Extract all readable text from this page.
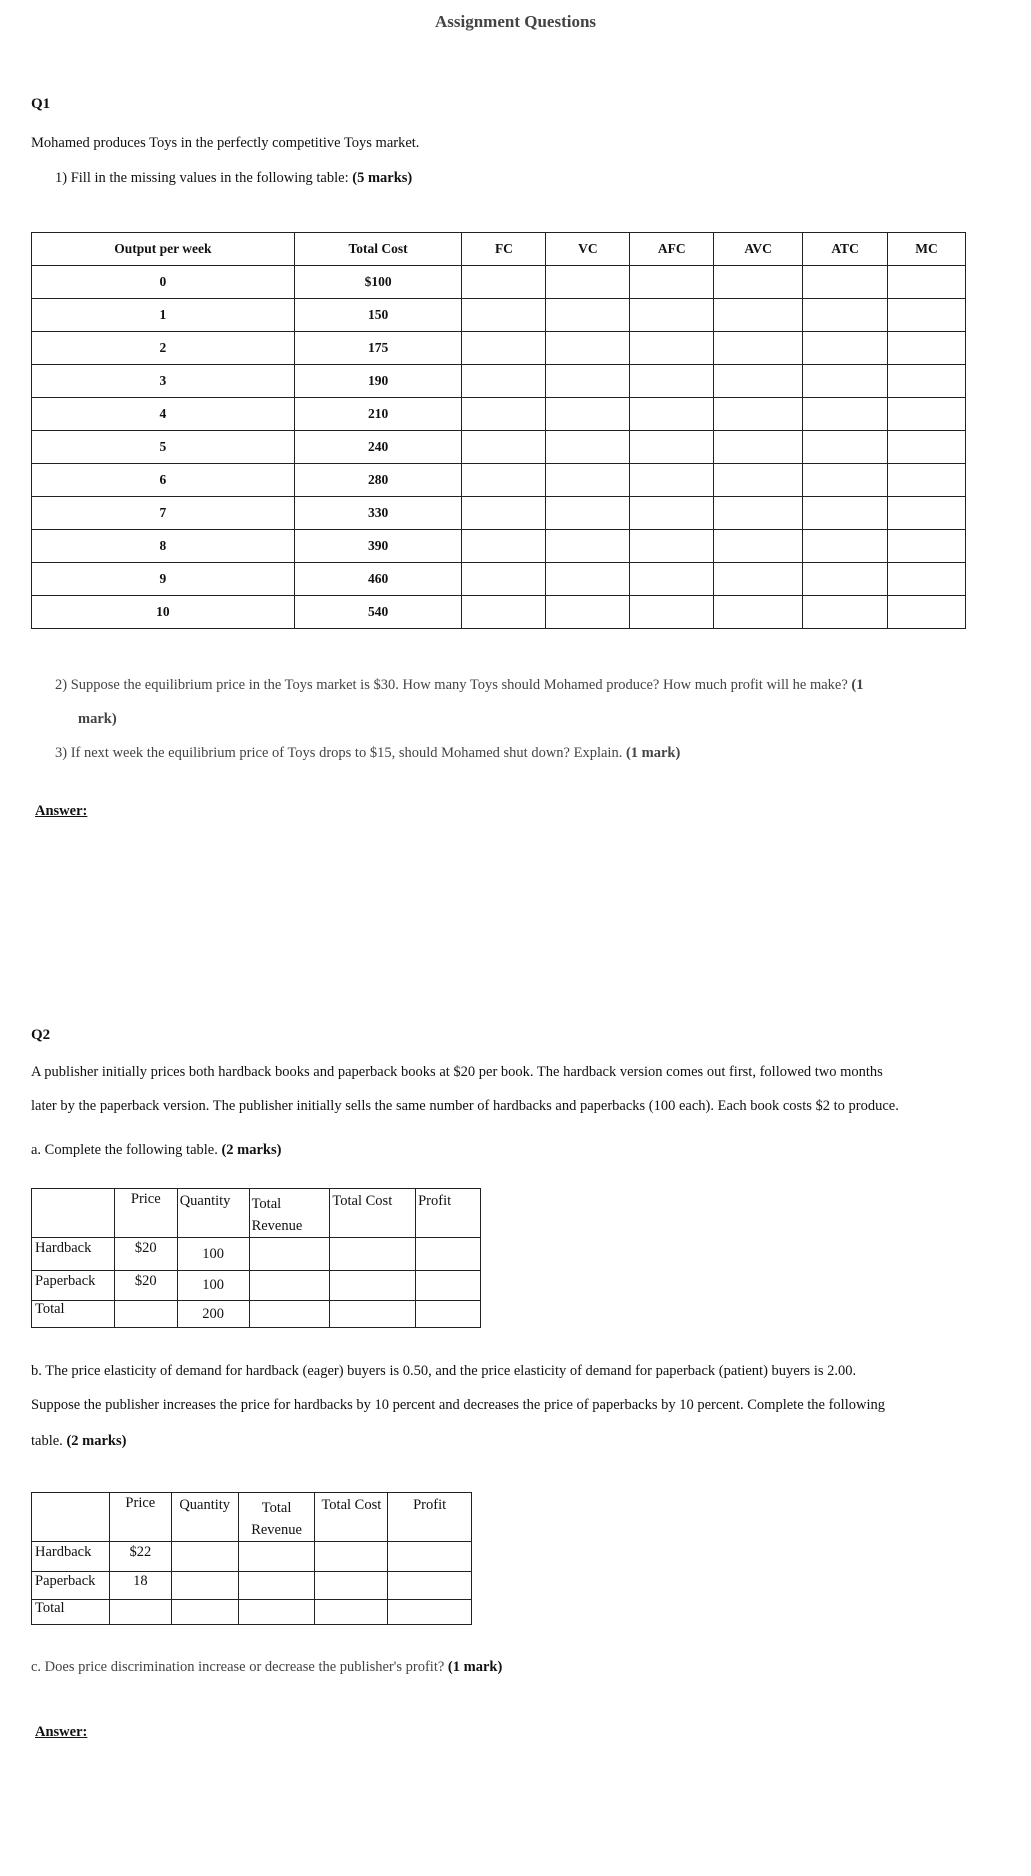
Assignment Questions
Q1
Mohamed produces Toys in the perfectly competitive Toys market.
1) Fill in the missing values in the following table: (5 marks)
Output per week	Total Cost	FC	VC	AFC	AVC	ATC	MC
0	$100						
1	150						
2	175						
3	190						
4	210						
5	240						
6	280						
7	330						
8	390						
9	460						
10	540						
2) Suppose the equilibrium price in the Toys market is $30. How many Toys should Mohamed produce? How much profit will he make? (1
mark)
3) If next week the equilibrium price of Toys drops to $15, should Mohamed shut down? Explain. (1 mark)
Answer:
Q2
A publisher initially prices both hardback books and paperback books at $20 per book. The hardback version comes out first, followed two months
later by the paperback version. The publisher initially sells the same number of hardbacks and paperbacks (100 each). Each book costs $2 to produce.
a. Complete the following table. (2 marks)
	Price	Quantity	Total Revenue	Total Cost	Profit
Hardback	$20	100			
Paperback	$20	100			
Total		200			
b. The price elasticity of demand for hardback (eager) buyers is 0.50, and the price elasticity of demand for paperback (patient) buyers is 2.00.
Suppose the publisher increases the price for hardbacks by 10 percent and decreases the price of paperbacks by 10 percent. Complete the following
table. (2 marks)
	Price	Quantity	Total Revenue	Total Cost	Profit
Hardback	$22				
Paperback	18				
Total					
c. Does price discrimination increase or decrease the publisher's profit? (1 mark)
Answer:
